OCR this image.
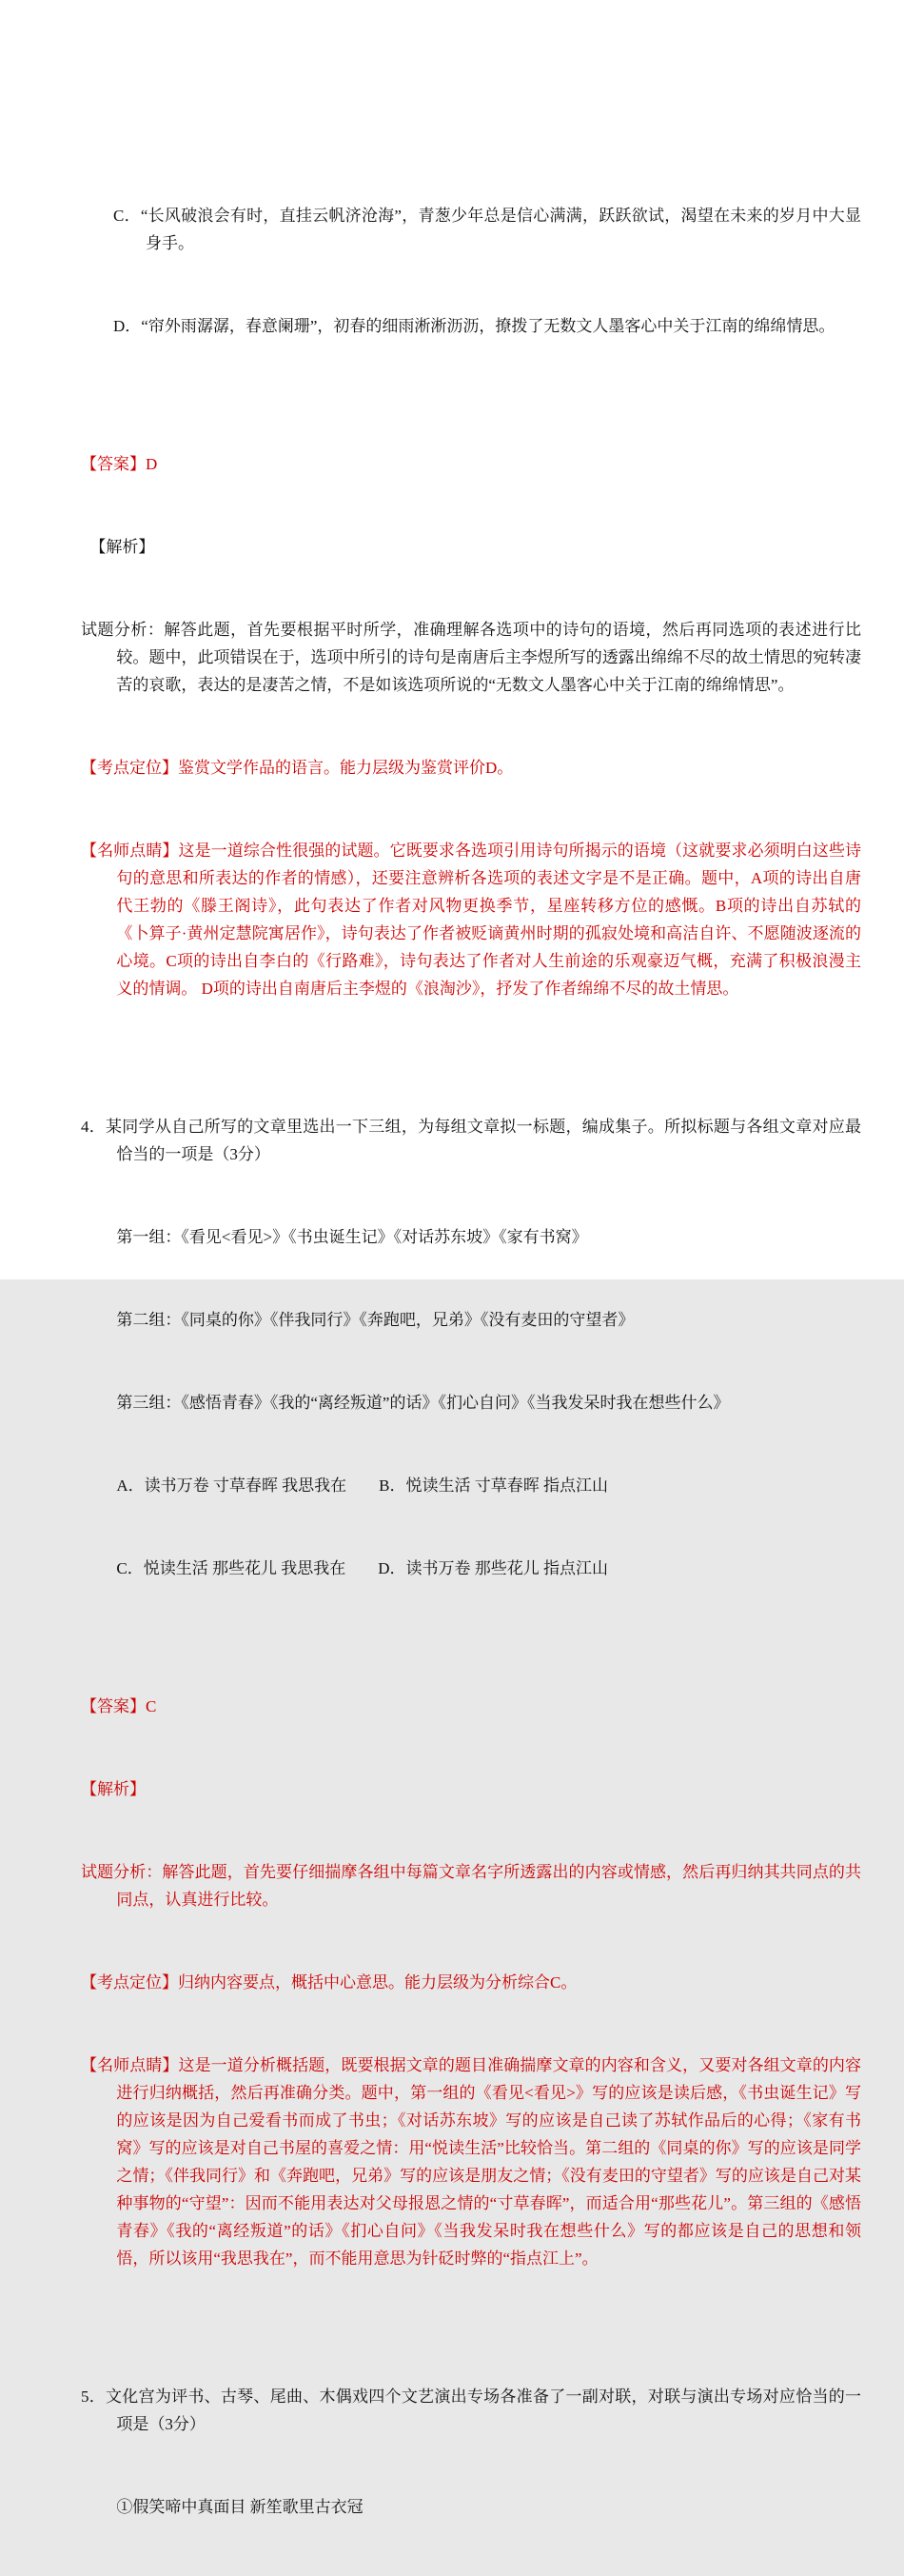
C．“长风破浪会有时，直挂云帆济沧海”，青葱少年总是信心满满，跃跃欲试，渴望在未来的岁月中大显身手。

D．“帘外雨潺潺，春意阑珊”，初春的细雨淅淅沥沥，撩拨了无数文人墨客心中关于江南的绵绵情思。

【答案】D

【解析】

试题分析：解答此题，首先要根据平时所学，准确理解各选项中的诗句的语境，然后再同选项的表述进行比较。题中，此项错误在于，选项中所引的诗句是南唐后主李煜所写的透露出绵绵不尽的故土情思的宛转凄苦的哀歌，表达的是凄苦之情，不是如该选项所说的“无数文人墨客心中关于江南的绵绵情思”。

【考点定位】鉴赏文学作品的语言。能力层级为鉴赏评价D。

【名师点睛】这是一道综合性很强的试题。它既要求各选项引用诗句所揭示的语境（这就要求必须明白这些诗句的意思和所表达的作者的情感），还要注意辨析各选项的表述文字是不是正确。题中，A项的诗出自唐代王勃的《滕王阁诗》，此句表达了作者对风物更换季节，星座转移方位的感慨。B项的诗出自苏轼的《卜算子·黄州定慧院寓居作》，诗句表达了作者被贬谪黄州时期的孤寂处境和高洁自许、不愿随波逐流的心境。C项的诗出自李白的《行路难》，诗句表达了作者对人生前途的乐观豪迈气概，充满了积极浪漫主义的情调。 D项的诗出自南唐后主李煜的《浪淘沙》，抒发了作者绵绵不尽的故土情思。

4．某同学从自己所写的文章里选出一下三组，为每组文章拟一标题，编成集子。所拟标题与各组文章对应最恰当的一项是（3分）

第一组：《看见<看见>》《书虫诞生记》《对话苏东坡》《家有书窝》

第二组：《同桌的你》《伴我同行》《奔跑吧，兄弟》《没有麦田的守望者》

第三组：《感悟青春》《我的“离经叛道”的话》《扪心自问》《当我发呆时我在想些什么》

A．读书万卷 寸草春晖 我思我在　　B．悦读生活 寸草春晖 指点江山

C．悦读生活 那些花儿 我思我在　　D．读书万卷 那些花儿 指点江山

【答案】C

【解析】

试题分析：解答此题，首先要仔细揣摩各组中每篇文章名字所透露出的内容或情感，然后再归纳其共同点的共同点，认真进行比较。

【考点定位】归纳内容要点，概括中心意思。能力层级为分析综合C。

【名师点睛】这是一道分析概括题，既要根据文章的题目准确揣摩文章的内容和含义，又要对各组文章的内容进行归纳概括，然后再准确分类。题中，第一组的《看见<看见>》写的应该是读后感，《书虫诞生记》写的应该是因为自己爱看书而成了书虫；《对话苏东坡》写的应该是自己读了苏轼作品后的心得；《家有书窝》写的应该是对自己书屋的喜爱之情：用“悦读生活”比较恰当。第二组的《同桌的你》写的应该是同学之情；《伴我同行》和《奔跑吧，兄弟》写的应该是朋友之情；《没有麦田的守望者》写的应该是自己对某种事物的“守望”：因而不能用表达对父母报恩之情的“寸草春晖”，而适合用“那些花儿”。第三组的《感悟青春》《我的“离经叛道”的话》《扪心自问》《当我发呆时我在想些什么》写的都应该是自己的思想和领悟，所以该用“我思我在”，而不能用意思为针砭时弊的“指点江上”。

5．文化宫为评书、古琴、尾曲、木偶戏四个文艺演出专场各准备了一副对联，对联与演出专场对应恰当的一项是（3分）

①假笑啼中真面目 新笙歌里古衣冠
